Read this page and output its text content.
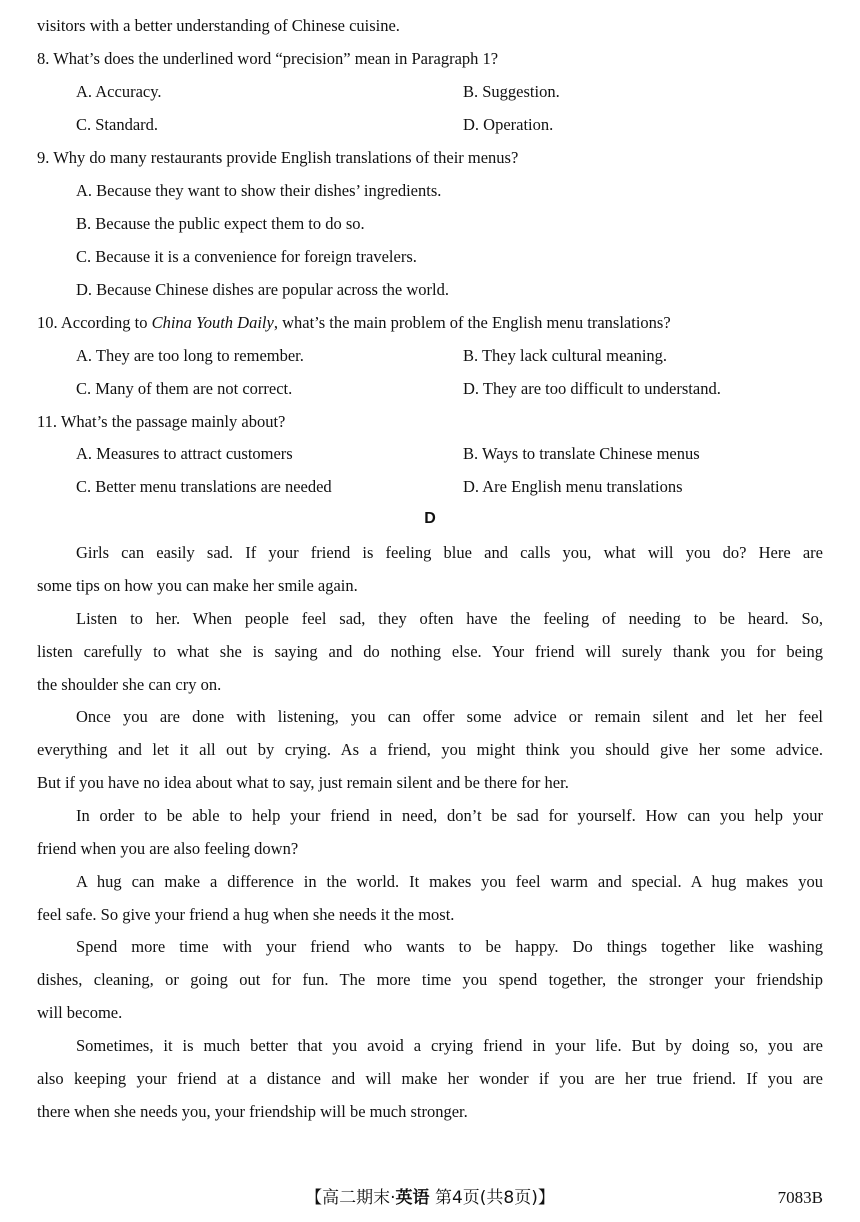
visitors with a better understanding of Chinese cuisine.
8. What’s does the underlined word “precision” mean in Paragraph 1?
A. Accuracy.	B. Suggestion.
C. Standard.	D. Operation.
9. Why do many restaurants provide English translations of their menus?
A. Because they want to show their dishes’ ingredients.
B. Because the public expect them to do so.
C. Because it is a convenience for foreign travelers.
D. Because Chinese dishes are popular across the world.
10. According to China Youth Daily, what’s the main problem of the English menu translations?
A. They are too long to remember.	B. They lack cultural meaning.
C. Many of them are not correct.	D. They are too difficult to understand.
11. What’s the passage mainly about?
A. Measures to attract customers	B. Ways to translate Chinese menus
C. Better menu translations are needed	D. Are English menu translations
D
Girls can easily sad. If your friend is feeling blue and calls you, what will you do? Here are
some tips on how you can make her smile again.
Listen to her. When people feel sad, they often have the feeling of needing to be heard. So,
listen carefully to what she is saying and do nothing else. Your friend will surely thank you for being
the shoulder she can cry on.
Once you are done with listening, you can offer some advice or remain silent and let her feel
everything and let it all out by crying. As a friend, you might think you should give her some advice.
But if you have no idea about what to say, just remain silent and be there for her.
In order to be able to help your friend in need, don’t be sad for yourself. How can you help your
friend when you are also feeling down?
A hug can make a difference in the world. It makes you feel warm and special. A hug makes you
feel safe. So give your friend a hug when she needs it the most.
Spend more time with your friend who wants to be happy. Do things together like washing
dishes, cleaning, or going out for fun. The more time you spend together, the stronger your friendship
will become.
Sometimes, it is much better that you avoid a crying friend in your life. But by doing so, you are
also keeping your friend at a distance and will make her wonder if you are her true friend. If you are
there when she needs you, your friendship will be much stronger.
【高二期末·英语 第4页(共8页)】	7083B
